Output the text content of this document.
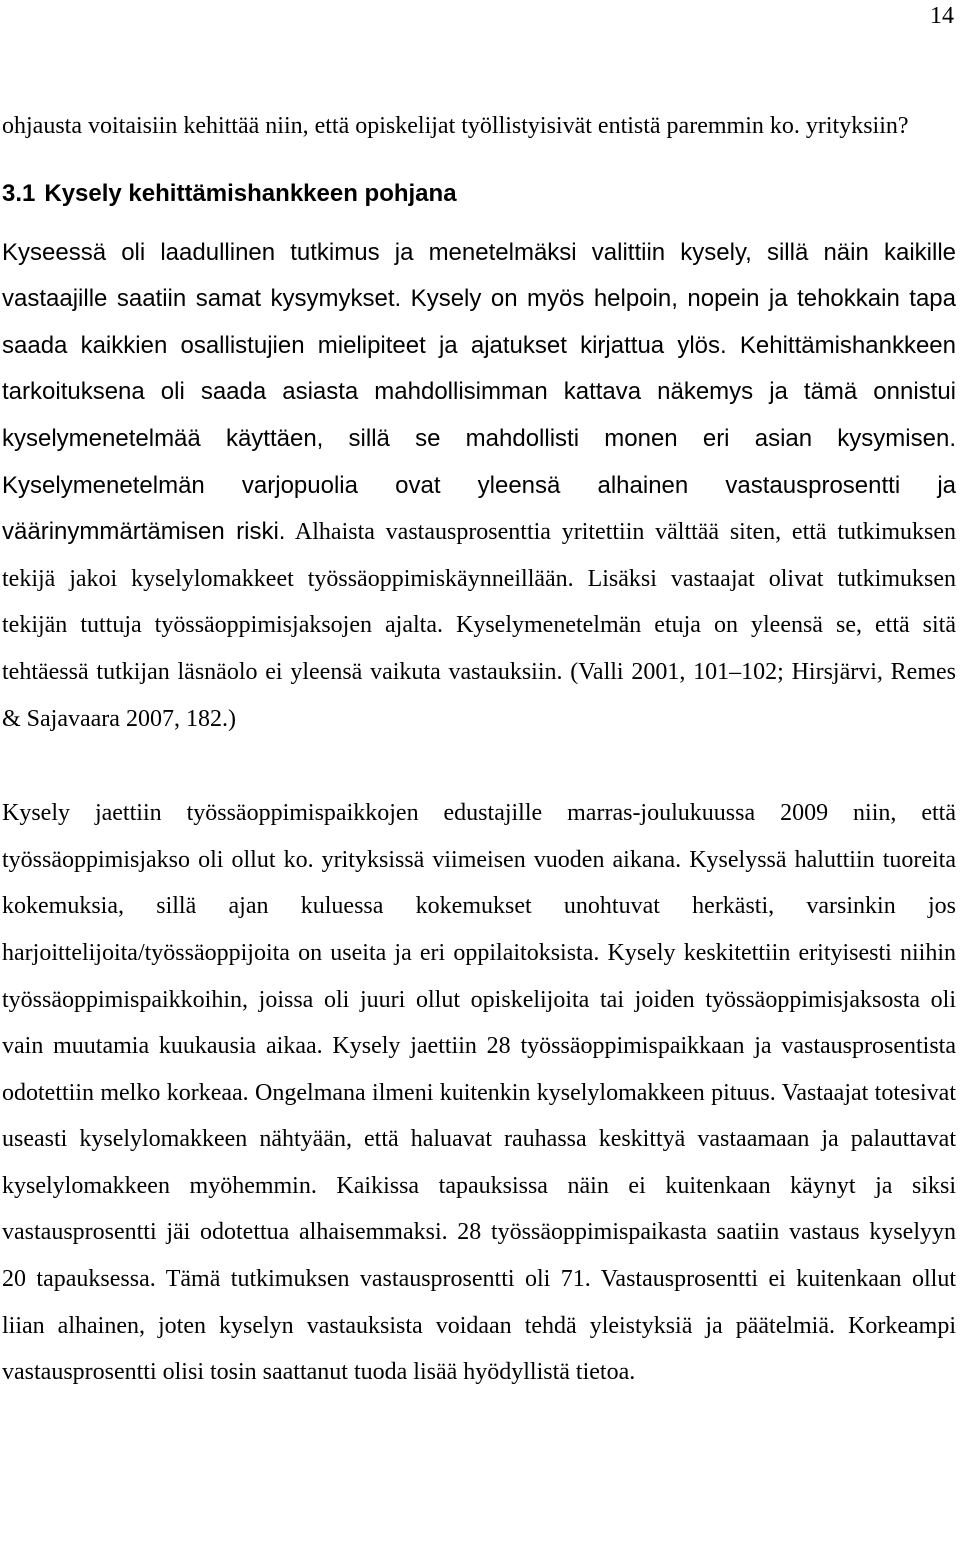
14

ohjausta voitaisiin kehittää niin, että opiskelijat työllistyisivät entistä paremmin ko. yrityksiin?

3.1 Kysely kehittämishankkeen pohjana

Kyseessä oli laadullinen tutkimus ja menetelmäksi valittiin kysely, sillä näin kaikille vastaajille saatiin samat kysymykset. Kysely on myös helpoin, nopein ja tehokkain tapa saada kaikkien osallistujien mielipiteet ja ajatukset kirjattua ylös. Kehittämishankkeen tarkoituksena oli saada asiasta mahdollisimman kattava näkemys ja tämä onnistui kyselymenetelmää käyttäen, sillä se mahdollisti monen eri asian kysymisen. Kyselymenetelmän varjopuolia ovat yleensä alhainen vastausprosentti ja väärinymmärtämisen riski. Alhaista vastausprosenttia yritettiin välttää siten, että tutkimuksen tekijä jakoi kyselylomakkeet työssäoppimiskäynneillään. Lisäksi vastaajat olivat tutkimuksen tekijän tuttuja työssäoppimisjaksojen ajalta. Kyselymenetelmän etuja on yleensä se, että sitä tehtäessä tutkijan läsnäolo ei yleensä vaikuta vastauksiin. (Valli 2001, 101–102; Hirsjärvi, Remes & Sajavaara 2007, 182.)

Kysely jaettiin työssäoppimispaikkojen edustajille marras-joulukuussa 2009 niin, että työssäoppimisjakso oli ollut ko. yrityksissä viimeisen vuoden aikana. Kyselyssä haluttiin tuoreita kokemuksia, sillä ajan kuluessa kokemukset unohtuvat herkästi, varsinkin jos harjoittelijoita/työssäoppijoita on useita ja eri oppilaitoksista. Kysely keskitettiin erityisesti niihin työssäoppimispaikkoihin, joissa oli juuri ollut opiskelijoita tai joiden työssäoppimisjaksosta oli vain muutamia kuukausia aikaa. Kysely jaettiin 28 työssäoppimispaikkaan ja vastausprosentista odotettiin melko korkeaa. Ongelmana ilmeni kuitenkin kyselylomakkeen pituus. Vastaajat totesivat useasti kyselylomakkeen nähtyään, että haluavat rauhassa keskittyä vastaamaan ja palauttavat kyselylomakkeen myöhemmin. Kaikissa tapauksissa näin ei kuitenkaan käynyt ja siksi vastausprosentti jäi odotettua alhaisemmaksi. 28 työssäoppimispaikasta saatiin vastaus kyselyyn 20 tapauksessa. Tämä tutkimuksen vastausprosentti oli 71. Vastausprosentti ei kuitenkaan ollut liian alhainen, joten kyselyn vastauksista voidaan tehdä yleistyksiä ja päätelmiä. Korkeampi vastausprosentti olisi tosin saattanut tuoda lisää hyödyllistä tietoa.
